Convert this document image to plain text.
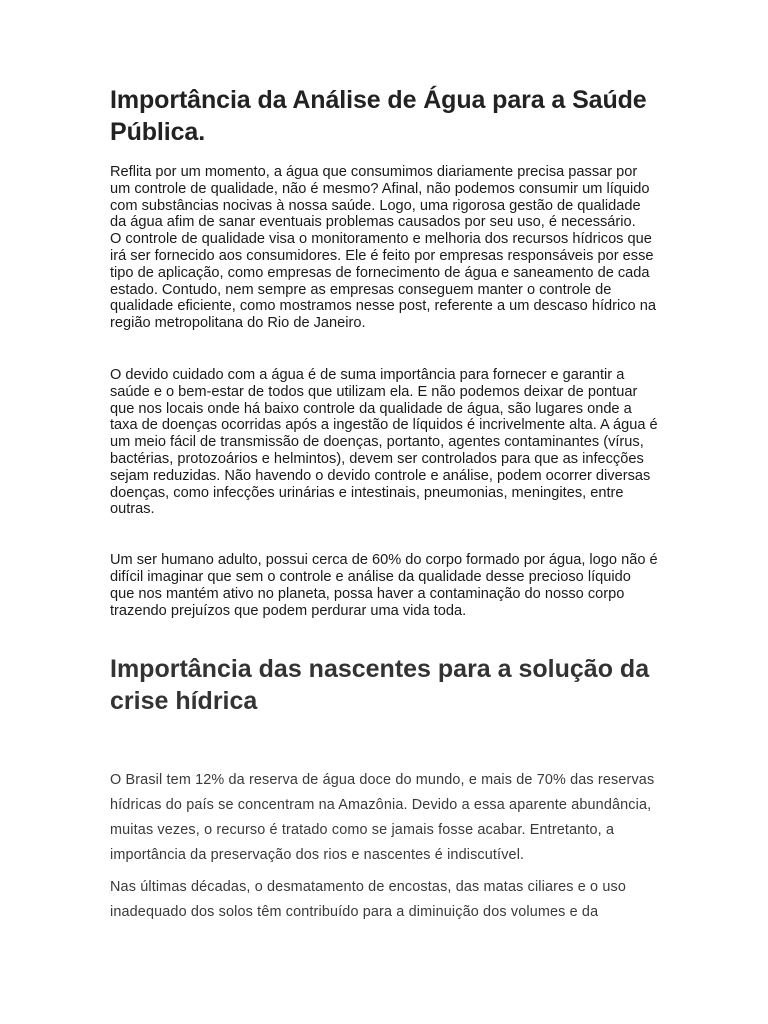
Importância da Análise de Água para a Saúde Pública.

Reflita por um momento, a água que consumimos diariamente precisa passar por um controle de qualidade, não é mesmo? Afinal, não podemos consumir um líquido com substâncias nocivas à nossa saúde. Logo, uma rigorosa gestão de qualidade da água afim de sanar eventuais problemas causados por seu uso, é necessário.

O controle de qualidade visa o monitoramento e melhoria dos recursos hídricos que irá ser fornecido aos consumidores. Ele é feito por empresas responsáveis por esse tipo de aplicação, como empresas de fornecimento de água e saneamento de cada estado. Contudo, nem sempre as empresas conseguem manter o controle de qualidade eficiente, como mostramos nesse post, referente a um descaso hídrico na região metropolitana do Rio de Janeiro.

O devido cuidado com a água é de suma importância para fornecer e garantir a saúde e o bem-estar de todos que utilizam ela. E não podemos deixar de pontuar que nos locais onde há baixo controle da qualidade de água, são lugares onde a taxa de doenças ocorridas após a ingestão de líquidos é incrivelmente alta. A água é um meio fácil de transmissão de doenças, portanto, agentes contaminantes (vírus, bactérias, protozoários e helmintos), devem ser controlados para que as infecções sejam reduzidas. Não havendo o devido controle e análise, podem ocorrer diversas doenças, como infecções urinárias e intestinais, pneumonias, meningites, entre outras.

Um ser humano adulto, possui cerca de 60% do corpo formado por água, logo não é difícil imaginar que sem o controle e análise da qualidade desse precioso líquido que nos mantém ativo no planeta, possa haver a contaminação do nosso corpo trazendo prejuízos que podem perdurar uma vida toda.

Importância das nascentes para a solução da crise hídrica

O Brasil tem 12% da reserva de água doce do mundo, e mais de 70% das reservas hídricas do país se concentram na Amazônia. Devido a essa aparente abundância, muitas vezes, o recurso é tratado como se jamais fosse acabar. Entretanto, a importância da preservação dos rios e nascentes é indiscutível.

Nas últimas décadas, o desmatamento de encostas, das matas ciliares e o uso inadequado dos solos têm contribuído para a diminuição dos volumes e da
